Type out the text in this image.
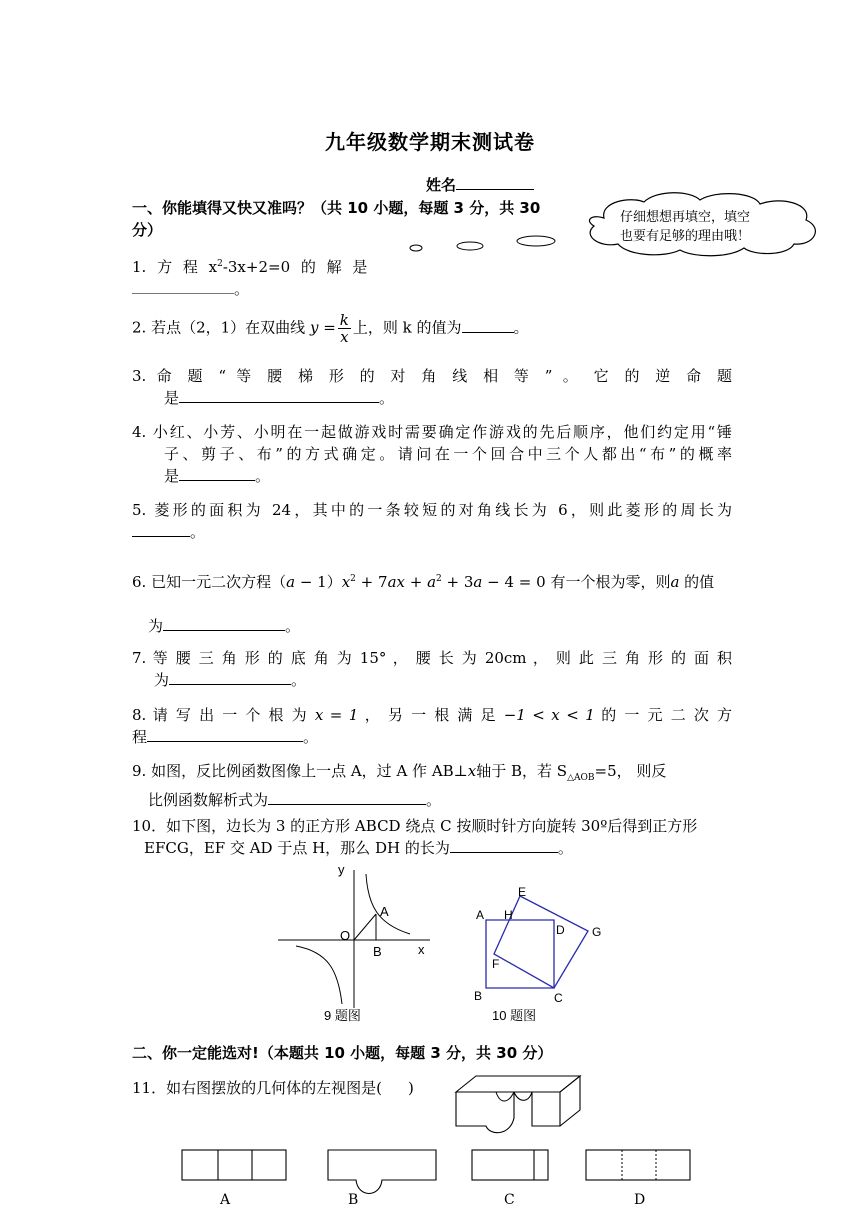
九年级数学期末测试卷
姓名
仔细想想再填空，填空
也要有足够的理由哦！
一、你能填得又快又准吗？（共 10 小题，每题 3 分，共 30
分）
1. 方 程 $x^2-3x+2=0$ 的 解 是
。
2. 若点（2，1）在双曲线 $y = \frac{k}{x}$ 上，则 k 的值为	。
3. 命 题 “ 等 腰 梯 形 的 对 角 线 相 等 ” 。 它 的 逆 命 题
是	。
4. 小红、小芳、小明在一起做游戏时需要确定作游戏的先后顺序，他们约定用“锤
子、剪子、布”的方式确定。请问在一个回合中三个人都出“布”的概率
是	。
5. 菱形的面积为 24，其中的一条较短的对角线长为 6，则此菱形的周长为
。
6. 已知一元二次方程$(a - 1)x^2 + 7ax + a^2 + 3a - 4 = 0$ 有一个根为零，则a 的值
为	。
7. 等 腰 三 角 形 的 底 角 为 15° ， 腰 长 为 20cm ， 则 此 三 角 形 的 面 积
为	。
8. 请 写 出 一 个 根 为 x = 1 ， 另 一 根 满 足 −1 < x < 1 的 一 元 二 次 方
程	。
9. 如图，反比例函数图像上一点 A，过 A 作 AB⊥x轴于 B，若 $S_{\triangle AOB}=5$， 则反
比例函数解析式为	。
10．如下图，边长为 3 的正方形 ABCD 绕点 C 按顺时针方向旋转 30º后得到正方形
EFCG，EF 交 AD 于点 H，那么 DH 的长为	。
y
x
O
A
B
9 题图
E
A H
D G
F
B	C
10 题图
二、你一定能选对!（本题共 10 小题，每题 3 分，共 30 分）
11．如右图摆放的几何体的左视图是( )
A	B	C	D
